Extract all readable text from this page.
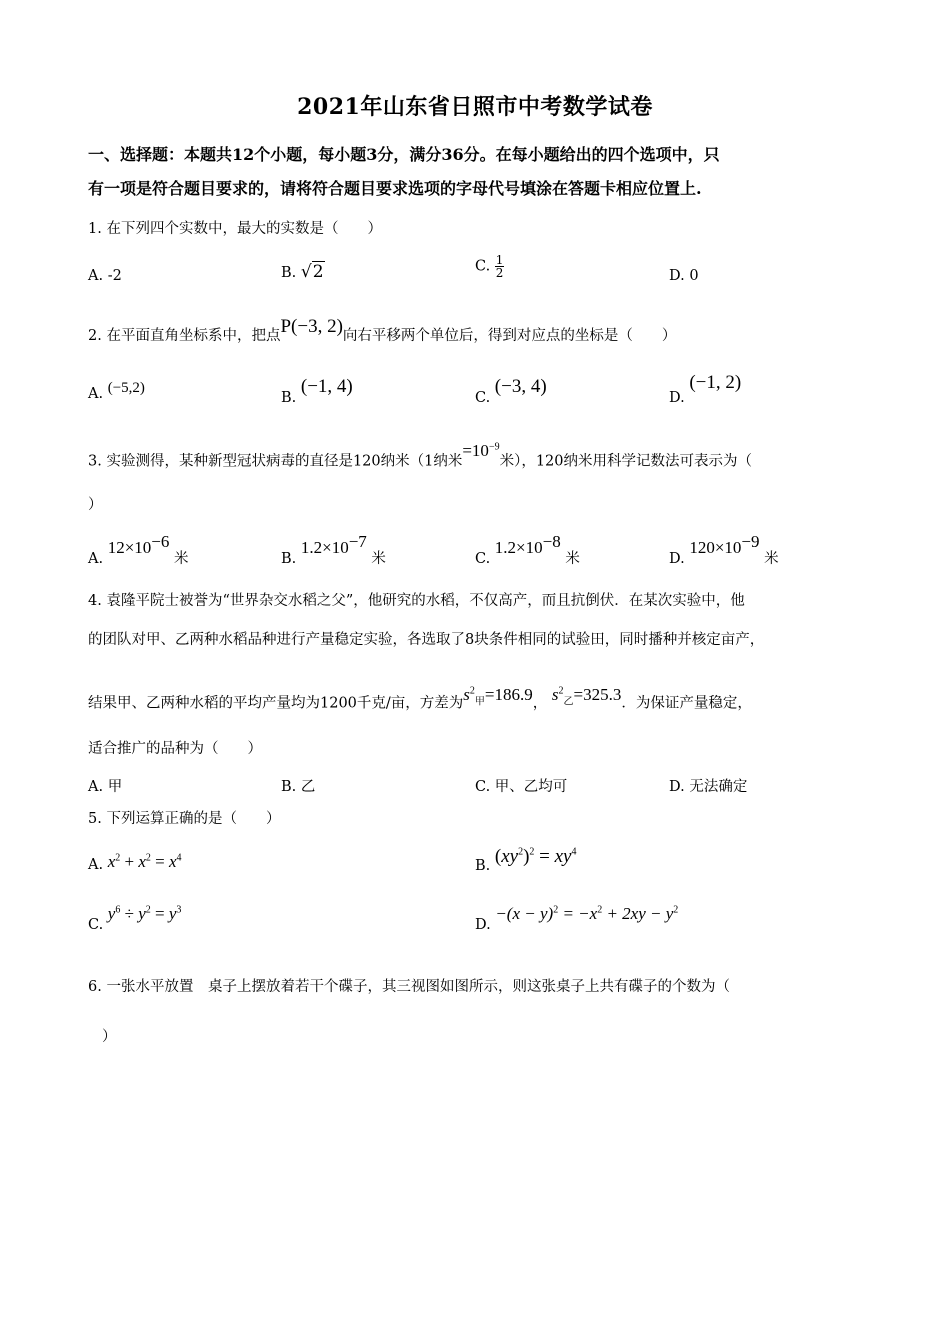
2021年山东省日照市中考数学试卷
一、选择题：本题共12个小题，每小题3分，满分36分。在每小题给出的四个选项中，只
有一项是符合题目要求的，请将符合题目要求选项的字母代号填涂在答题卡相应位置上.
1. 在下列四个实数中，最大的实数是（　　）
A. -2	B. √2	C. $\frac{1}{2}$	D. 0
2. 在平面直角坐标系中，把点P(−3, 2)向右平移两个单位后，得到对应点的坐标是（　　）
A. (−5,2)
B. (−1, 4)
C. (−3, 4)
D. (−1, 2)
3. 实验测得，某种新型冠状病毒的直径是120纳米（1纳米$=10^{-9}$米），120纳米用科学记数法可表示为（
）
A. $12\times 10^{-6}$ 米	B. $1.2\times 10^{-7}$ 米	C. $1.2\times 10^{-8}$ 米	D. $120\times 10^{-9}$ 米
4. 袁隆平院士被誉为“世界杂交水稻之父”，他研究的水稻，不仅高产，而且抗倒伏．在某次实验中，他
的团队对甲、乙两种水稻品种进行产量稳定实验，各选取了8块条件相同的试验田，同时播种并核定亩产，
结果甲、乙两种水稻的平均产量均为1200千克/亩，方差为$s^2_甲=186.9$， $s^2_乙=325.3$．为保证产量稳定，
适合推广的品种为（　　）
A. 甲	B. 乙	C. 甲、乙均可	D. 无法确定
5. 下列运算正确的是（　　）
A. $x^2 + x^2 = x^4$
B. $(xy^2)^2 = xy^4$
C. $y^6 \div y^2 = y^3$
D. $-(x - y)^2 = -x^2 + 2xy - y^2$
6. 一张水平放置　桌子上摆放着若干个碟子，其三视图如图所示，则这张桌子上共有碟子的个数为（
）
